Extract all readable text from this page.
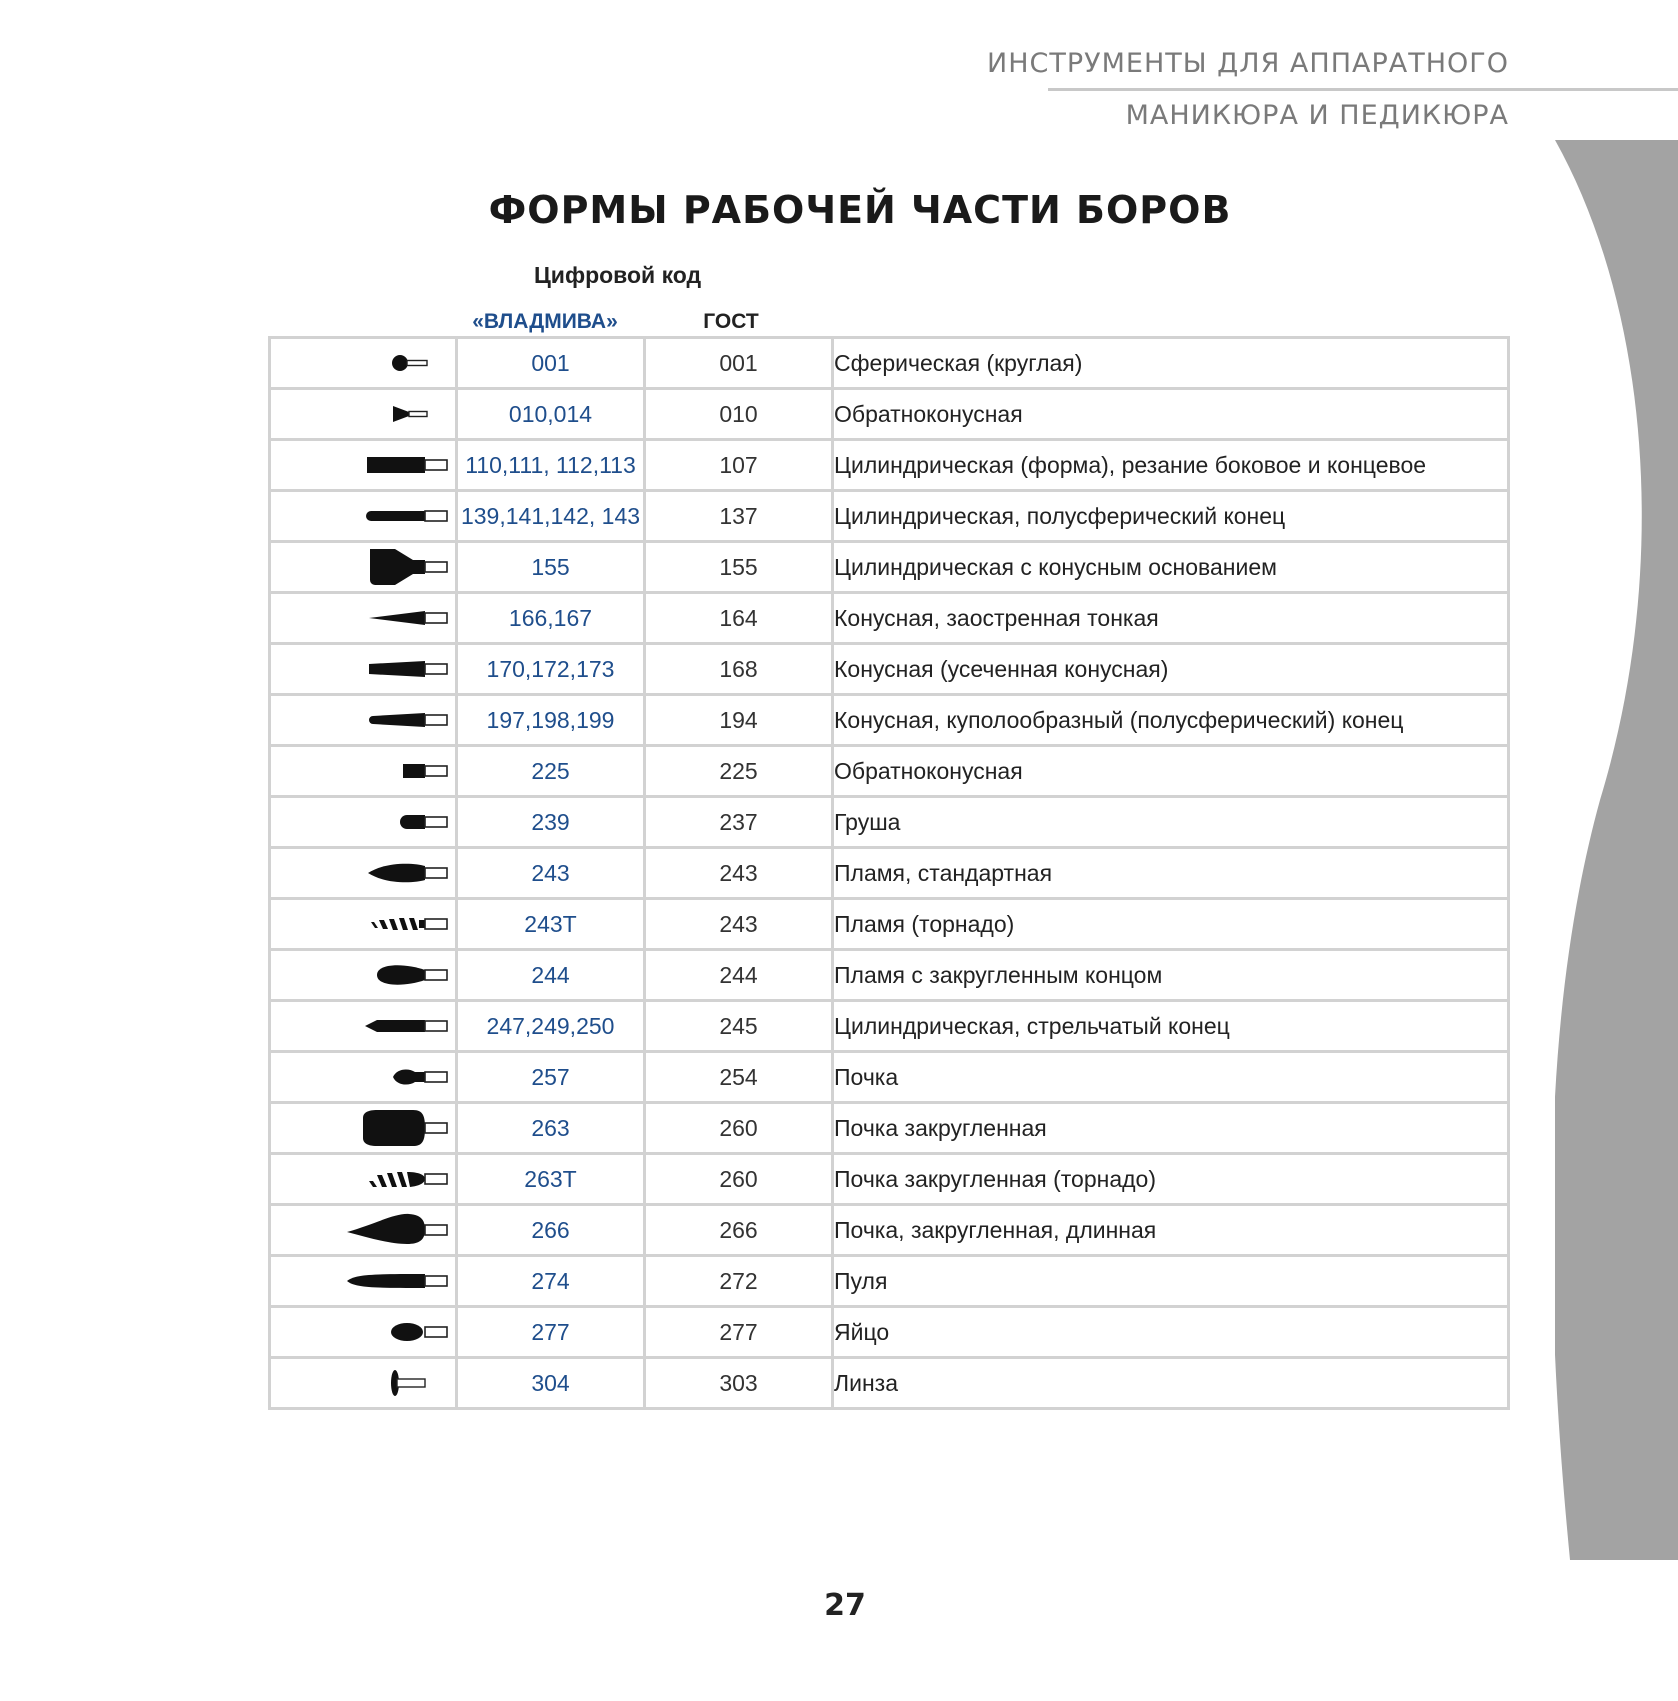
ИНСТРУМЕНТЫ ДЛЯ АППАРАТНОГО
МАНИКЮРА И ПЕДИКЮРА
ФОРМЫ РАБОЧЕЙ ЧАСТИ БОРОВ
Цифровой код
«ВЛАДМИВА»	ГОСТ
	001	001	Сферическая (круглая)
	010,014	010	Обратноконусная
	110,111, 112,113	107	Цилиндрическая (форма), резание боковое и концевое
	139,141,142, 143	137	Цилиндрическая, полусферический конец
	155	155	Цилиндрическая с конусным основанием
	166,167	164	Конусная, заостренная тонкая
	170,172,173	168	Конусная (усеченная конусная)
	197,198,199	194	Конусная, куполообразный (полусферический) конец
	225	225	Обратноконусная
	239	237	Груша
	243	243	Пламя, стандартная
	243T	243	Пламя (торнадо)
	244	244	Пламя с закругленным концом
	247,249,250	245	Цилиндрическая, стрельчатый конец
	257	254	Почка
	263	260	Почка закругленная
	263T	260	Почка закругленная (торнадо)
	266	266	Почка, закругленная, длинная
	274	272	Пуля
	277	277	Яйцо
	304	303	Линза
27
